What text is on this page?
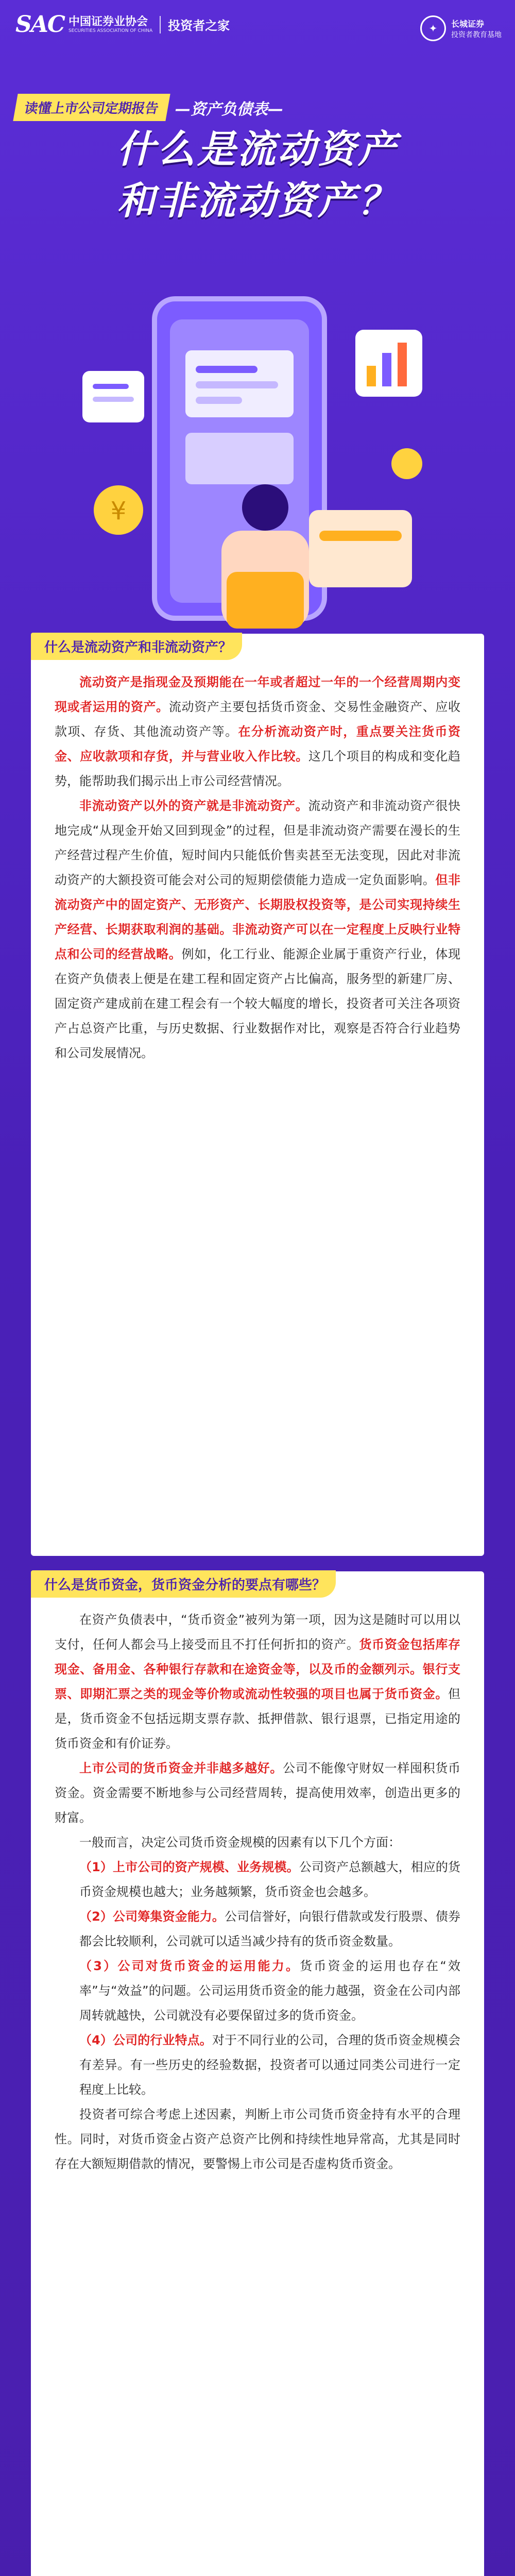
SAC 中国证券业协会
SECURITIES ASSOCIATION OF CHINA 投资者之家	✦	长城证券
投资者教育基地
读懂上市公司定期报告 —资产负债表—
什么是流动资产
和非流动资产？
¥
什么是流动资产和非流动资产？

流动资产是指现金及预期能在一年或者超过一年的一个经营周期内变现或者运用的资产。流动资产主要包括货币资金、交易性金融资产、应收款项、存货、其他流动资产等。在分析流动资产时，重点要关注货币资金、应收款项和存货，并与营业收入作比较。这几个项目的构成和变化趋势，能帮助我们揭示出上市公司经营情况。

非流动资产以外的资产就是非流动资产。流动资产和非流动资产很快地完成“从现金开始又回到现金”的过程，但是非流动资产需要在漫长的生产经营过程产生价值，短时间内只能低价售卖甚至无法变现，因此对非流动资产的大额投资可能会对公司的短期偿债能力造成一定负面影响。但非流动资产中的固定资产、无形资产、长期股权投资等，是公司实现持续生产经营、长期获取利润的基础。非流动资产可以在一定程度上反映行业特点和公司的经营战略。例如，化工行业、能源企业属于重资产行业，体现在资产负债表上便是在建工程和固定资产占比偏高，服务型的新建厂房、固定资产建成前在建工程会有一个较大幅度的增长，投资者可关注各项资产占总资产比重，与历史数据、行业数据作对比，观察是否符合行业趋势和公司发展情况。

什么是货币资金，货币资金分析的要点有哪些？

在资产负债表中，“货币资金”被列为第一项，因为这是随时可以用以支付，任何人都会马上接受而且不打任何折扣的资产。货币资金包括库存现金、备用金、各种银行存款和在途资金等，以及币的金额列示。银行支票、即期汇票之类的现金等价物或流动性较强的项目也属于货币资金。但是，货币资金不包括远期支票存款、抵押借款、银行退票，已指定用途的货币资金和有价证券。

上市公司的货币资金并非越多越好。公司不能像守财奴一样囤积货币资金。资金需要不断地参与公司经营周转，提高使用效率，创造出更多的财富。

一般而言，决定公司货币资金规模的因素有以下几个方面：

（1）上市公司的资产规模、业务规模。公司资产总额越大，相应的货币资金规模也越大；业务越频繁，货币资金也会越多。

（2）公司筹集资金能力。公司信誉好，向银行借款或发行股票、债券都会比较顺利，公司就可以适当减少持有的货币资金数量。

（3）公司对货币资金的运用能力。货币资金的运用也存在“效率”与“效益”的问题。公司运用货币资金的能力越强，资金在公司内部周转就越快，公司就没有必要保留过多的货币资金。

（4）公司的行业特点。对于不同行业的公司，合理的货币资金规模会有差异。有一些历史的经验数据，投资者可以通过同类公司进行一定程度上比较。

投资者可综合考虑上述因素，判断上市公司货币资金持有水平的合理性。同时，对货币资金占资产总资产比例和持续性地异常高，尤其是同时存在大额短期借款的情况，要警惕上市公司是否虚构货币资金。
